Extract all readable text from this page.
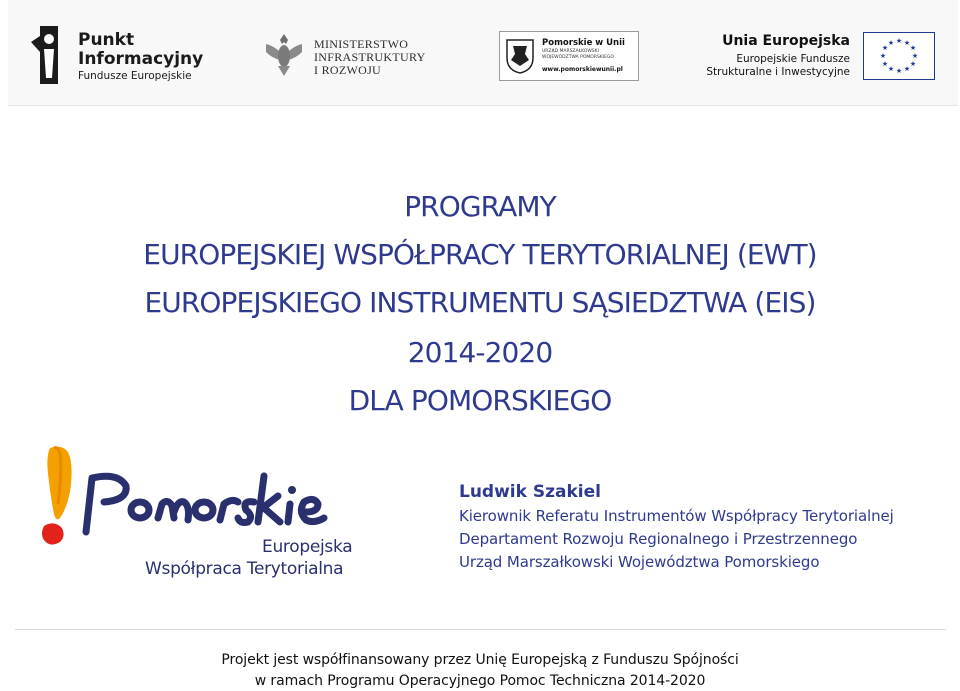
Punkt
Informacyjny
Fundusze Europejskie
MINISTERSTWO
INFRASTRUKTURY
I ROZWOJU
Pomorskie w Unii
URZĄD MARSZAŁKOWSKI
WOJEWÓDZTWA POMORSKIEGO
www.pomorskiewunii.pl
Unia Europejska
Europejskie Fundusze
Strukturalne i Inwestycyjne
★ ★
★
★
★
★
★
★
★
★
★
★
PROGRAMY
EUROPEJSKIEJ WSPÓŁPRACY TERYTORIALNEJ (EWT)
EUROPEJSKIEGO INSTRUMENTU SĄSIEDZTWA (EIS)
2014-2020
DLA POMORSKIEGO
Europejska
Współpraca Terytorialna
Ludwik Szakiel
Kierownik Referatu Instrumentów Współpracy Terytorialnej
Departament Rozwoju Regionalnego i Przestrzennego
Urząd Marszałkowski Województwa Pomorskiego
Projekt jest współfinansowany przez Unię Europejską z Funduszu Spójności
w ramach Programu Operacyjnego Pomoc Techniczna 2014-2020
